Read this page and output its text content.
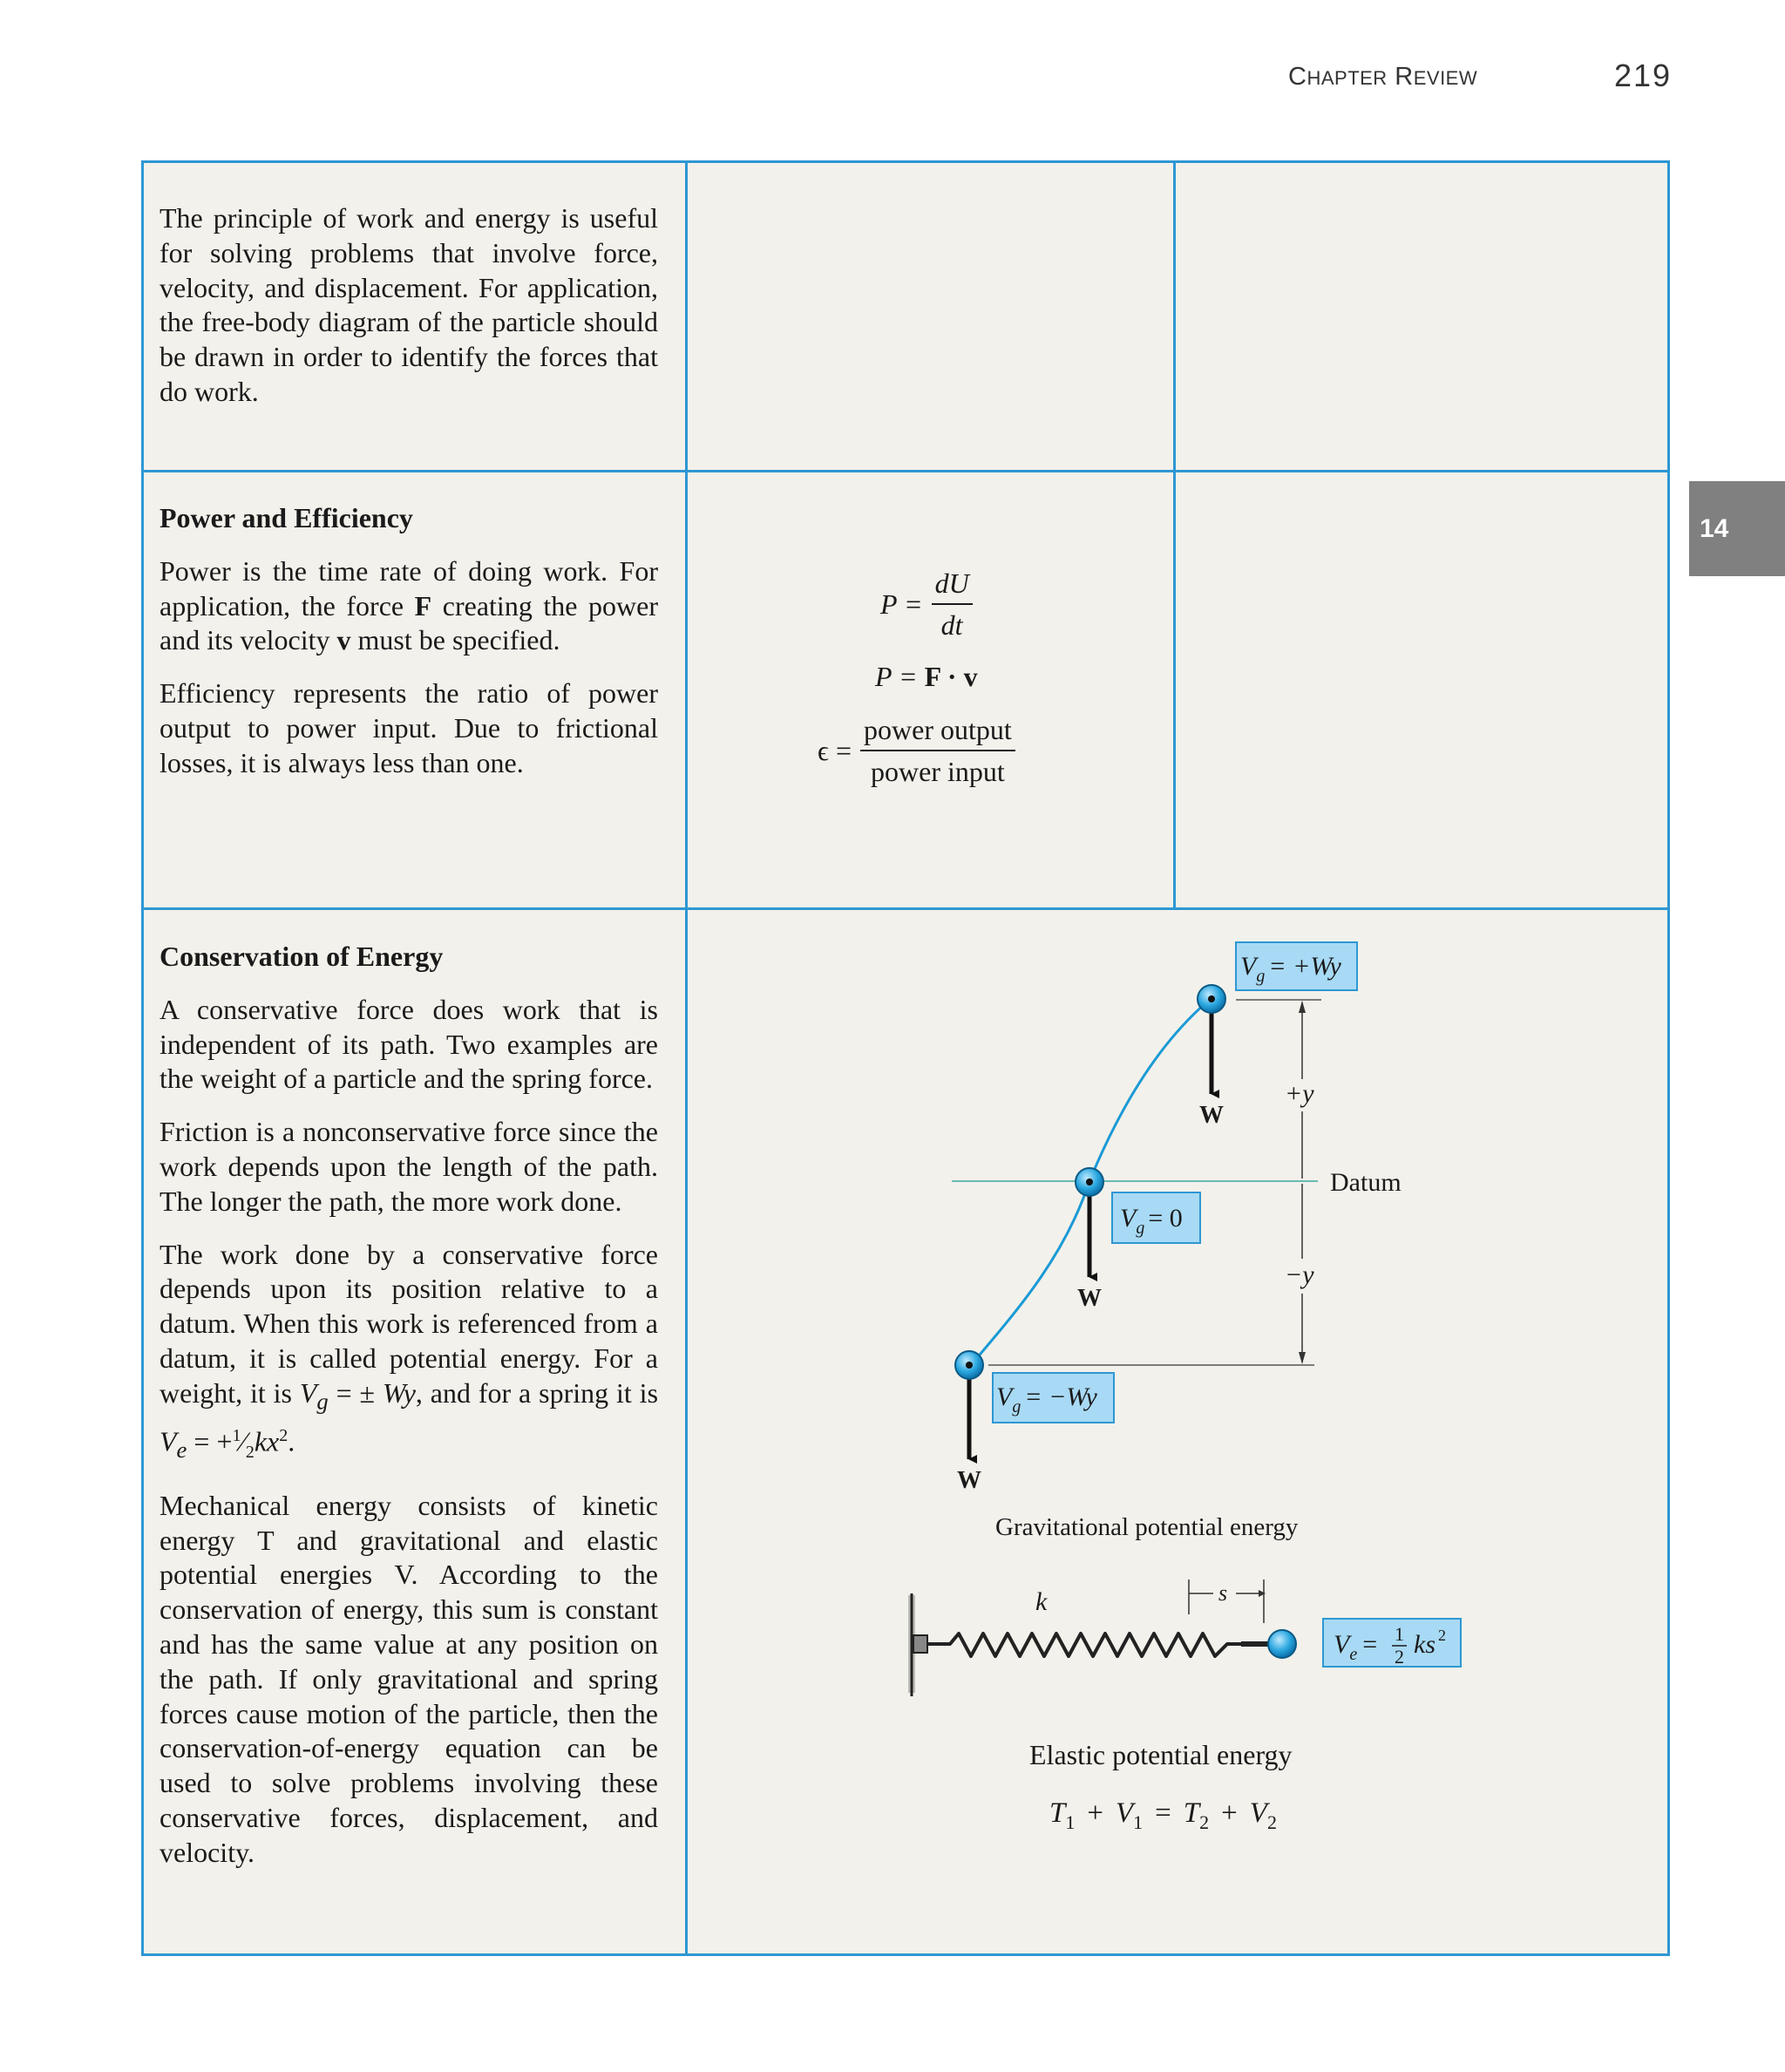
CHAPTER REVIEW	219
14

The principle of work and energy is useful for solving problems that involve force, velocity, and displacement. For application, the free-body diagram of the particle should be drawn in order to identify the forces that do work.

Power and Efficiency

Power is the time rate of doing work. For application, the force F creating the power and its velocity v must be specified.

Efficiency represents the ratio of power output to power input. Due to frictional losses, it is always less than one.

$P = \frac{dU}{dt}$
P =
F · v
$\epsilon = \frac{\text{power output}}{\text{power input}}$
Conservation of Energy

A conservative force does work that is independent of its path. Two examples are the weight of a particle and the spring force.

Friction is a nonconservative force since the work depends upon the length of the path. The longer the path, the more work done.

The work done by a conservative force depends upon its position relative to a datum. When this work is referenced from a datum, it is called potential energy. For a weight, it is $V_g$ = ± Wy, and for a spring it is $V_e$ = $+^1⁄_2kx^2$.

Mechanical energy consists of kinetic energy T and gravitational and elastic potential energies V. According to the conservation of energy, this sum is constant and has the same value at any position on the path. If only gravitational and spring forces cause motion of the particle, then the conservation-of-energy equation can be used to solve problems involving these conservative forces, displacement, and velocity.

$V_g = +Wy$
$V_g = 0$
$V_g = -Wy$
W
W
W
+y
−y
Datum
Gravitational potential energy
k	s
$V_e = 1$
2 ks 2
Elastic potential energy
$T_1 + V_1 = T_2 + V_2$
